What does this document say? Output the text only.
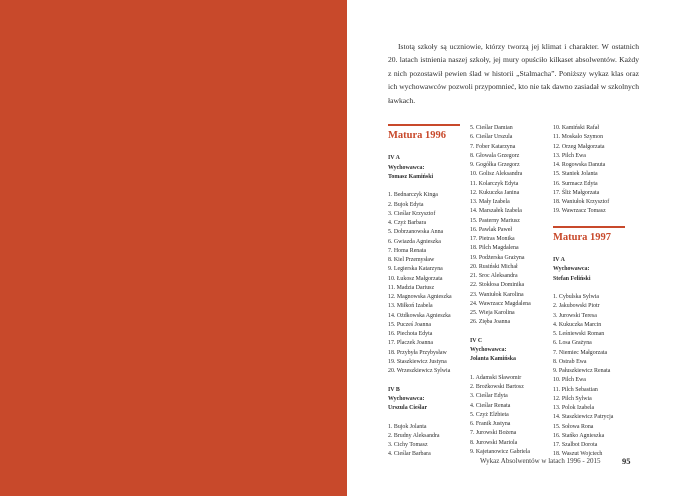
Istotą szkoły są uczniowie, którzy tworzą jej klimat i charakter. W ostatnich 20. latach istnienia naszej szkoły, jej mury opuściło kilkaset absolwentów. Każdy z nich pozostawił pewien ślad w historii „Stalmacha”. Poniższy wykaz klas oraz ich wychowawców pozwoli przypomnieć, kto nie tak dawno zasiadał w szkolnych ławkach.

Matura 1996
IV A
Wychowawca:
Tomasz Kamiński
1. Bednarczyk Kinga
2. Bujok Edyta
3. Cieślar Krzysztof
4. Czyż Barbara
5. Dobrzanowska Anna
6. Gwiazda Agnieszka
7. Homa Renata
8. Kiel Przemysław
9. Legierska Katarzyna
10. Łukosz Małgorzata
11. Madzia Dariusz
12. Magnowska Agnieszka
13. Miłkoń Izabela
14. Ożdkowska Agnieszka
15. Pucześ Joanna
16. Piechota Edyta
17. Placzek Joanna
18. Przybyła Przybysław
19. Staszkiewicz Justyna
20. Wrzeszkiewicz Sylwia
IV B
Wychowawca:
Urszula Cieślar
1. Bujok Jolanta
2. Brudny Aleksandra
3. Cichy Tomasz
4. Cieślar Barbara
5. Cieślar Damian
6. Cieślar Urszula
7. Fober Katarzyna
8. Głowala Grzegorz
9. Gogółka Grzegorz
10. Golisz Aleksandra
11. Kolarczyk Edyta
12. Kukuczka Janina
13. Mały Izabela
14. Marszałek Izabela
15. Pasterny Mariusz
16. Pawlak Paweł
17. Pietras Monika
18. Pilch Magdalena
19. Podżerska Grażyna
20. Rusiński Michał
21. Sroc Aleksandra
22. Stokłosa Dominika
23. Waniułok Karolina
24. Wawrzacz Magdalena
25. Wieja Karolina
26. Zięba Joanna
IV C
Wychowawca:
Jolanta Kamińska
1. Adamski Sławomir
2. Brożkowski Bartosz
3. Cieślar Edyta
4. Cieślar Renata
5. Czyż Elżbieta
6. Franik Justyna
7. Jurowski Bożena
8. Jurowski Mariola
9. Kajetanowicz Gabriela
10. Kamiński Rafał
11. Moskalo Szymon
12. Orzeg Małgorzata
13. Pilch Ewa
14. Rogowska Danuta
15. Staniek Jolanta
16. Surmacz Edyta
17. Śliż Małgorzata
18. Waniułok Krzysztof
19. Wawrzacz Tomasz
Matura 1997
IV A
Wychowawca:
Stefan Feliński
1. Cybulska Sylwia
2. Jakubowski Piotr
3. Jurowski Teresa
4. Kukuczka Marcin
5. Leśniewski Roman
6. Losa Grażyna
7. Niemiec Małgorzata
8. Ostrab Ewa
9. Pałuszkiewicz Renata
10. Pilch Ewa
11. Pilch Sebastian
12. Pilch Sylwia
13. Polok Izabela
14. Staszkiewicz Patrycja
15. Sołowa Rona
16. Stańko Agnieszka
17. Szalbot Dorota
18. Waszut Wojciech
Wykaz Absolwentów w latach 1996 - 2015	95
